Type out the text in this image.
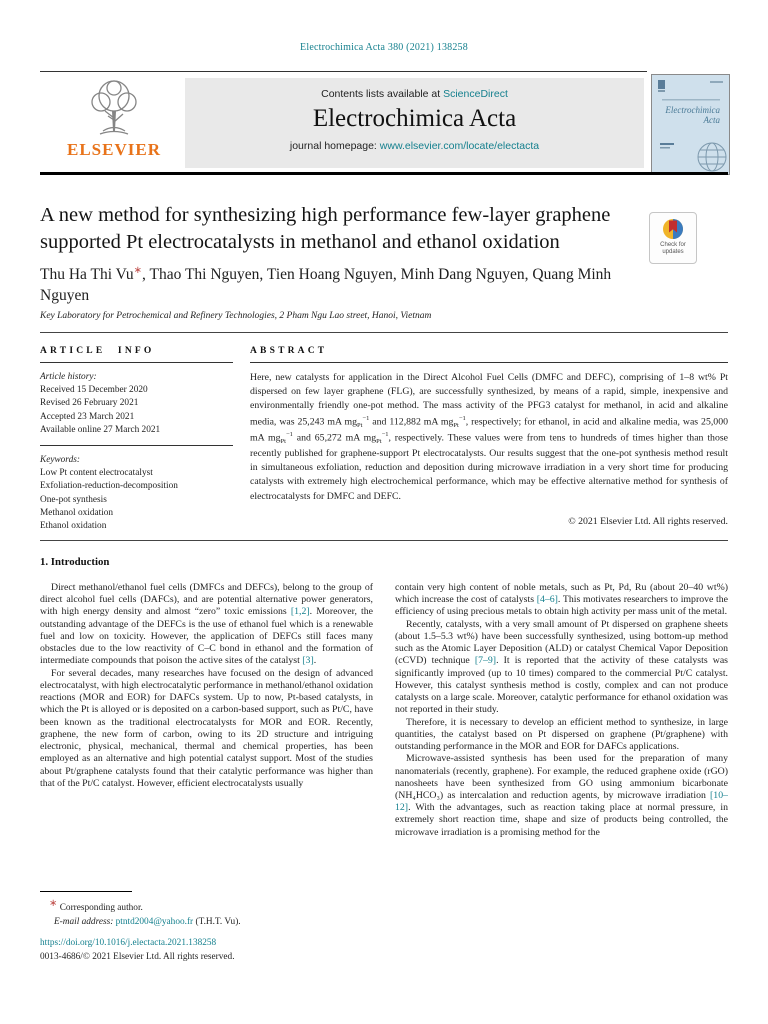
Electrochimica Acta 380 (2021) 138258
ELSEVIER
Contents lists available at ScienceDirect
Electrochimica Acta
journal homepage: www.elsevier.com/locate/electacta
Electrochimica
Acta
A new method for synthesizing high performance few-layer graphene supported Pt electrocatalysts in methanol and ethanol oxidation	Check for
updates
Thu Ha Thi Vu∗, Thao Thi Nguyen, Tien Hoang Nguyen, Minh Dang Nguyen, Quang Minh Nguyen
Key Laboratory for Petrochemical and Refinery Technologies, 2 Pham Ngu Lao street, Hanoi, Vietnam
ARTICLE INFO
Article history:
Received 15 December 2020
Revised 26 February 2021
Accepted 23 March 2021
Available online 27 March 2021
Keywords:
Low Pt content electrocatalyst
Exfoliation-reduction-decomposition
One-pot synthesis
Methanol oxidation
Ethanol oxidation
ABSTRACT
Here, new catalysts for application in the Direct Alcohol Fuel Cells (DMFC and DEFC), comprising of 1–8 wt% Pt dispersed on few layer graphene (FLG), are successfully synthesized, by means of a rapid, simple, inexpensive and environmentally friendly one-pot method. The mass activity of the PFG3 catalyst for methanol, in acid and alkaline media, was 25,243 mA $mg_{Pt}^{-1}$ and 112,882 mA $mg_{Pt}^{-1}$, respectively; for ethanol, in acid and alkaline media, was 25,000 mA $mg_{Pt}^{-1}$ and 65,272 mA $mg_{Pt}^{-1}$, respectively. These values were from tens to hundreds of times higher than those recently published for graphene-support Pt electrocatalysts. Our results suggest that the one-pot synthesis method result in simultaneous exfoliation, reduction and deposition during microwave irradiation in a very short time for producing catalysts with extremely high electrochemical performance, which may be effective alternative method for synthesis of electrocatalysts for DMFC and DEFC.
© 2021 Elsevier Ltd. All rights reserved.
1. Introduction

Direct methanol/ethanol fuel cells (DMFCs and DEFCs), belong to the group of direct alcohol fuel cells (DAFCs), and are potential alternative power generators, with high energy density and almost “zero” toxic emissions [1,2]. Moreover, the outstanding advantage of the DEFCs is the use of ethanol fuel which is a renewable fuel and low on toxicity. However, the application of DEFCs still faces many obstacles due to the low reactivity of C–C bond in ethanol and the formation of intermediate compounds that poison the active sites of the catalyst [3].

For several decades, many researches have focused on the design of advanced electrocatalyst, with high electrocatalytic performance in methanol/ethanol oxidation reactions (MOR and EOR) for DAFCs system. Up to now, Pt-based catalysts, in which the Pt is alloyed or is deposited on a carbon-based support, such as Pt/C, have been known as the traditional electrocatalysts for MOR and EOR. Recently, graphene, the new form of carbon, owing to its 2D structure and intriguing electronic, physical, mechanical, thermal and chemical properties, has been employed as an alternative and high potential catalyst support. Most of the studies about Pt/graphene catalysts found that their catalytic performance was higher than that of the Pt/C catalyst. However, efficient electrocatalysts usually

contain very high content of noble metals, such as Pt, Pd, Ru (about 20–40 wt%) which increase the cost of catalysts [4–6]. This motivates researchers to improve the efficiency of using precious metals to obtain high activity per mass unit of the metal.

Recently, catalysts, with a very small amount of Pt dispersed on graphene sheets (about 1.5–5.3 wt%) have been successfully synthesized, using bottom-up method such as the Atomic Layer Deposition (ALD) or catalyst Chemical Vapor Deposition (cCVD) technique [7–9]. It is reported that the activity of these catalysts was significantly improved (up to 10 times) compared to the commercial Pt/C catalyst. However, this catalyst synthesis method is costly, complex and can not produce catalysts on a large scale. Moreover, catalytic performance for ethanol oxidation was not reported in their study.

Therefore, it is necessary to develop an efficient method to synthesize, in large quantities, the catalyst based on Pt dispersed on graphene (Pt/graphene) with outstanding performance in the MOR and EOR for DAFCs applications.

Microwave-assisted synthesis has been used for the preparation of many nanomaterials (recently, graphene). For example, the reduced graphene oxide (rGO) nanosheets have been synthesized from GO using ammonium bicarbonate (NH₄HCO₃) as intercalation and reduction agents, by microwave irradiation [10–12]. With the advantages, such as reaction taking place at normal pressure, in extremely short reaction time, shape and size of products being controlled, the microwave irradiation is a promising method for the

∗ Corresponding author.
E-mail address: ptntd2004@yahoo.fr (T.H.T. Vu).
https://doi.org/10.1016/j.electacta.2021.138258
0013-4686/© 2021 Elsevier Ltd. All rights reserved.
